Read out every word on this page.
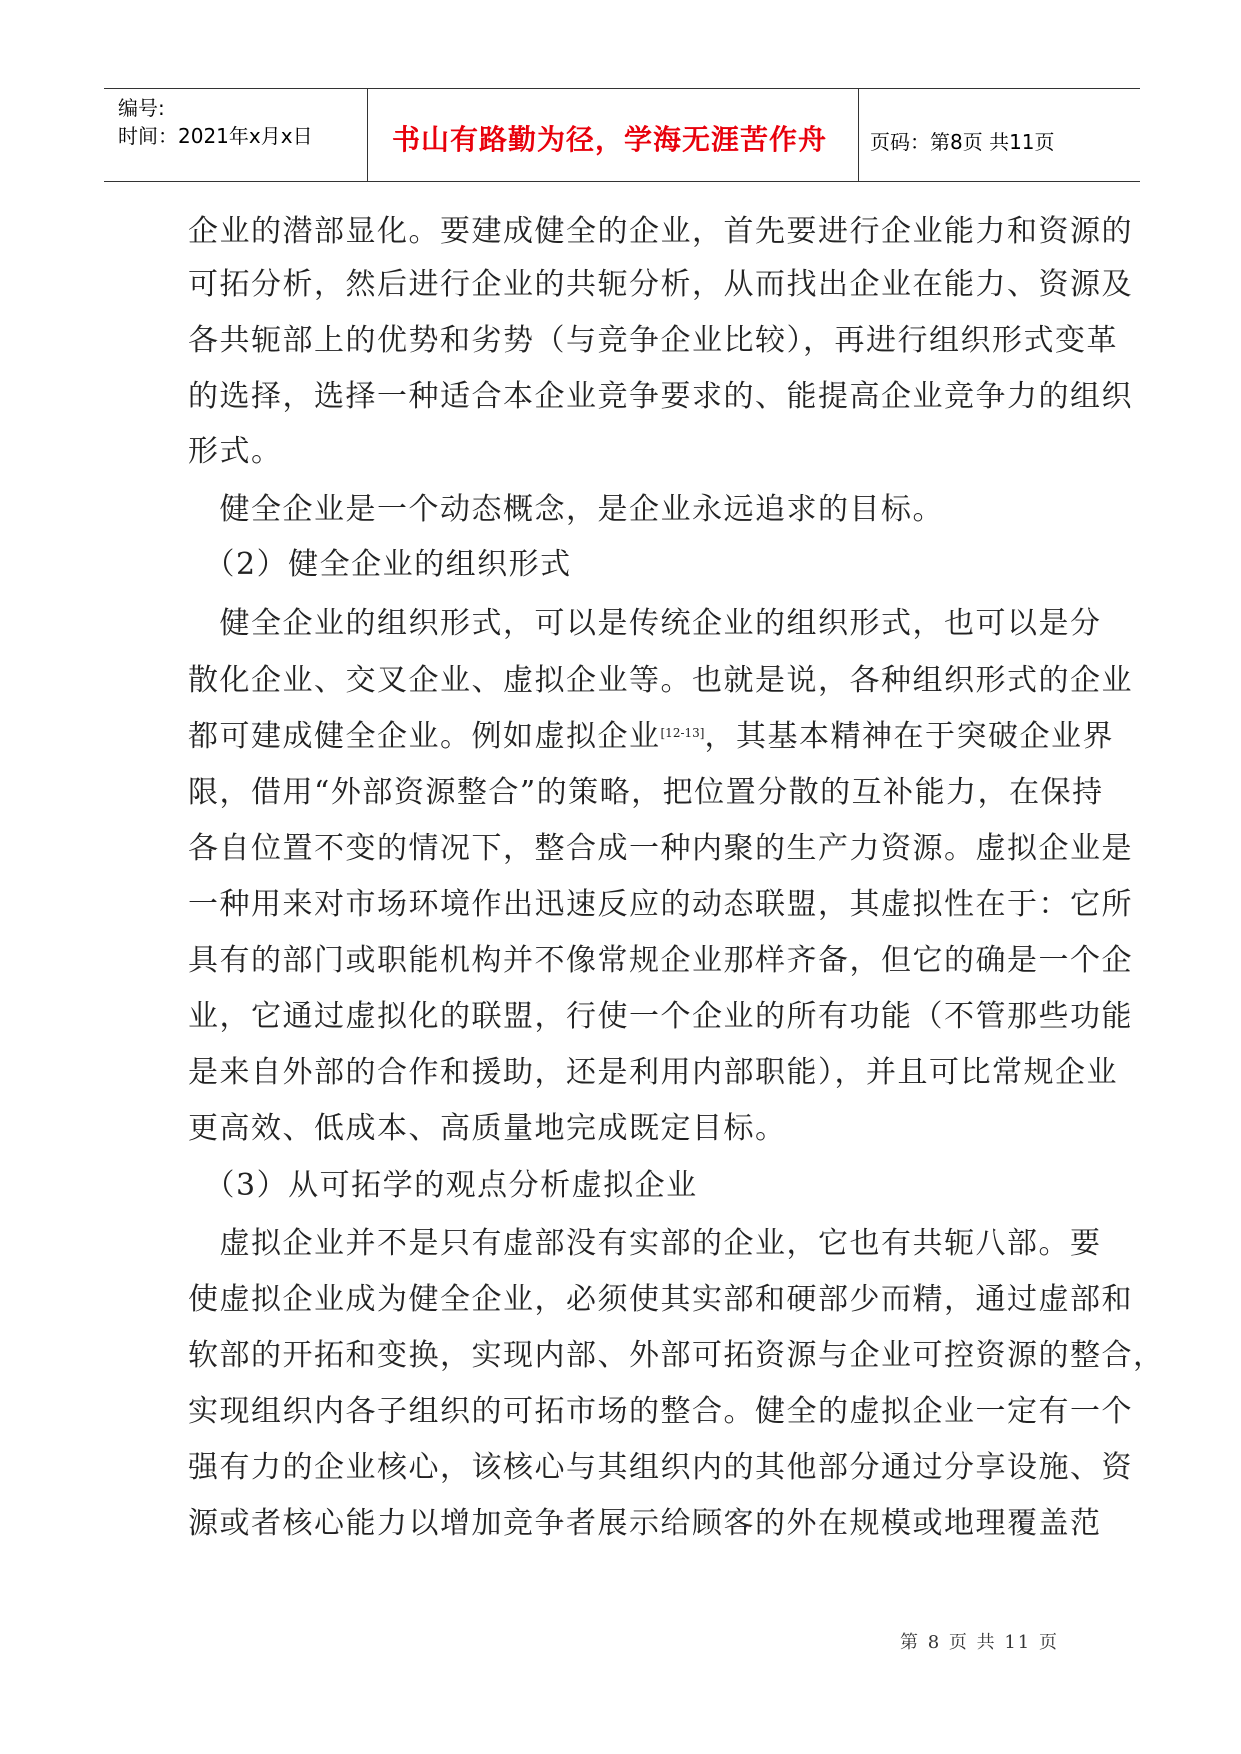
编号:
时间：2021年x月x日	书山有路勤为径，学海无涯苦作舟 页码：第8页 共11页
企业的潜部显化。要建成健全的企业，首先要进行企业能力和资源的
可拓分析，然后进行企业的共轭分析，从而找出企业在能力、资源及
各共轭部上的优势和劣势（与竞争企业比较），再进行组织形式变革
的选择，选择一种适合本企业竞争要求的、能提高企业竞争力的组织
形式。
　健全企业是一个动态概念，是企业永远追求的目标。
　（2）健全企业的组织形式
　健全企业的组织形式，可以是传统企业的组织形式，也可以是分
散化企业、交叉企业、虚拟企业等。也就是说，各种组织形式的企业
都可建成健全企业。例如虚拟企业[12-13]，其基本精神在于突破企业界
限，借用“外部资源整合”的策略，把位置分散的互补能力，在保持
各自位置不变的情况下，整合成一种内聚的生产力资源。虚拟企业是
一种用来对市场环境作出迅速反应的动态联盟，其虚拟性在于：它所
具有的部门或职能机构并不像常规企业那样齐备，但它的确是一个企
业，它通过虚拟化的联盟，行使一个企业的所有功能（不管那些功能
是来自外部的合作和援助，还是利用内部职能），并且可比常规企业
更高效、低成本、高质量地完成既定目标。
　（3）从可拓学的观点分析虚拟企业
　虚拟企业并不是只有虚部没有实部的企业，它也有共轭八部。要
使虚拟企业成为健全企业，必须使其实部和硬部少而精，通过虚部和
软部的开拓和变换，实现内部、外部可拓资源与企业可控资源的整合，
实现组织内各子组织的可拓市场的整合。健全的虚拟企业一定有一个
强有力的企业核心，该核心与其组织内的其他部分通过分享设施、资
源或者核心能力以增加竞争者展示给顾客的外在规模或地理覆盖范
第 8 页 共 11 页
